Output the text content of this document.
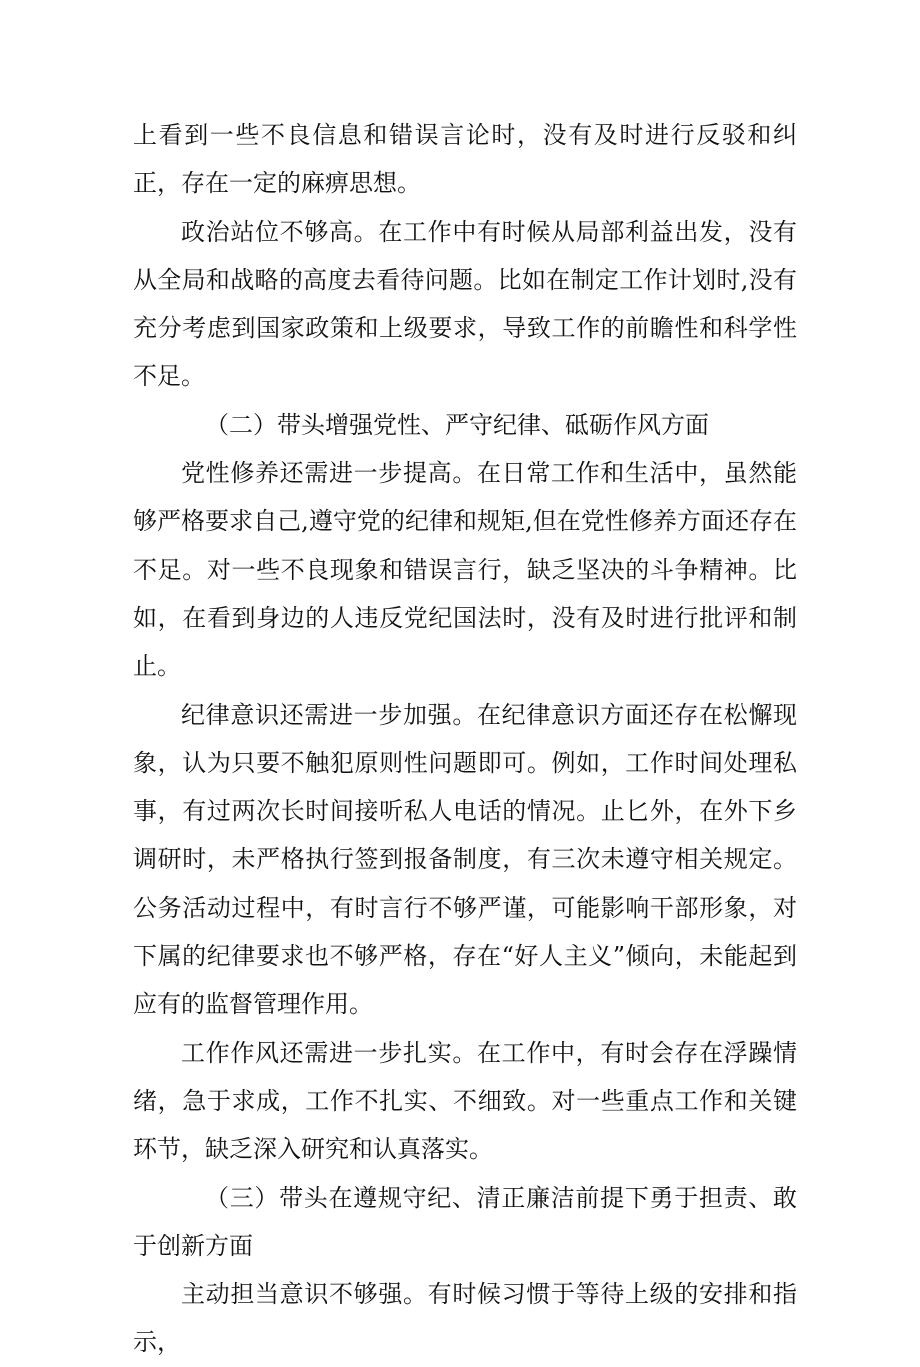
上看到一些不良信息和错误言论时，没有及时进行反驳和纠正，存在一定的麻痹思想。

政治站位不够高。在工作中有时候从局部利益出发，没有从全局和战略的高度去看待问题。比如在制定工作计划时,没有充分考虑到国家政策和上级要求，导致工作的前瞻性和科学性不足。

（二）带头增强党性、严守纪律、砥砺作风方面

党性修养还需进一步提高。在日常工作和生活中，虽然能够严格要求自己,遵守党的纪律和规矩,但在党性修养方面还存在不足。对一些不良现象和错误言行，缺乏坚决的斗争精神。比如，在看到身边的人违反党纪国法时，没有及时进行批评和制止。

纪律意识还需进一步加强。在纪律意识方面还存在松懈现象，认为只要不触犯原则性问题即可。例如，工作时间处理私事，有过两次长时间接听私人电话的情况。止匕外，在外下乡调研时，未严格执行签到报备制度，有三次未遵守相关规定。公务活动过程中，有时言行不够严谨，可能影响干部形象，对下属的纪律要求也不够严格，存在“好人主义”倾向，未能起到应有的监督管理作用。

工作作风还需进一步扎实。在工作中，有时会存在浮躁情绪，急于求成，工作不扎实、不细致。对一些重点工作和关键环节，缺乏深入研究和认真落实。

（三）带头在遵规守纪、清正廉洁前提下勇于担责、敢于创新方面

主动担当意识不够强。有时候习惯于等待上级的安排和指示，
